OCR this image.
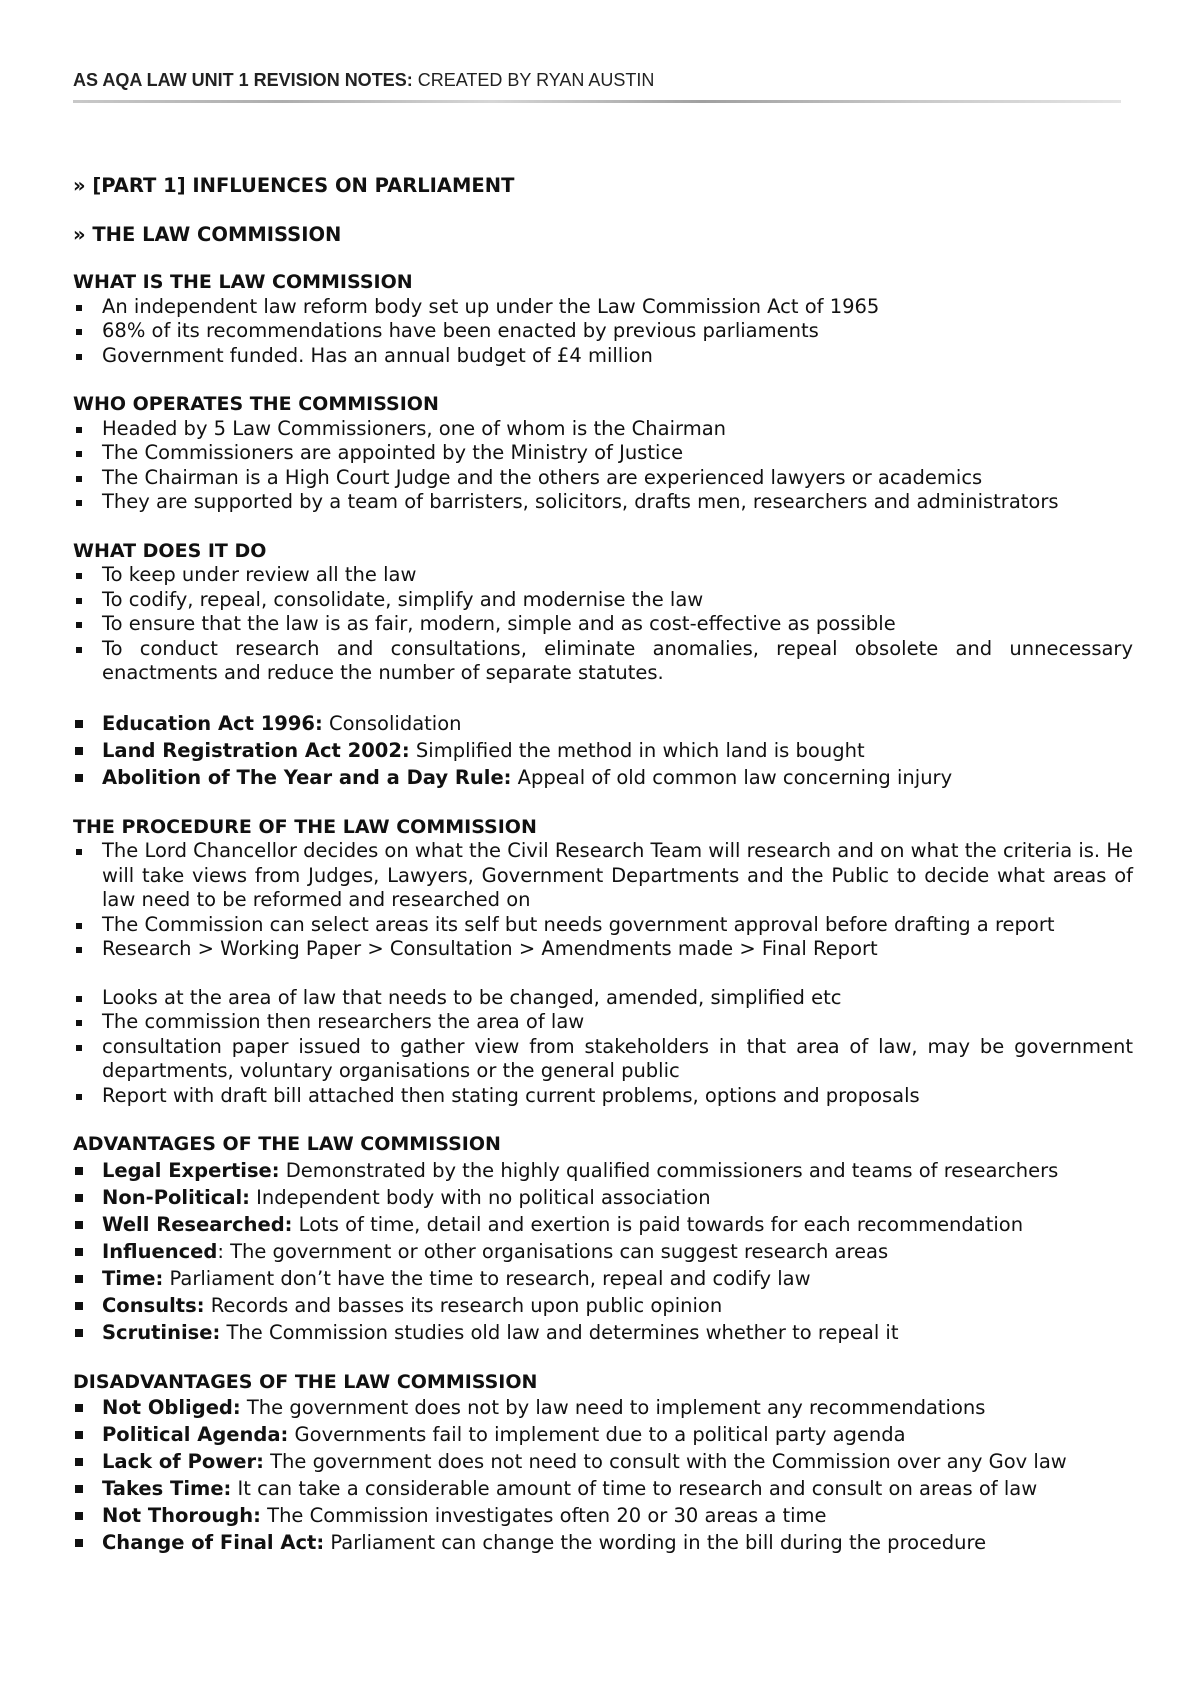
AS AQA LAW UNIT 1 REVISION NOTES: CREATED BY RYAN AUSTIN
» [PART 1] INFLUENCES ON PARLIAMENT
» THE LAW COMMISSION
WHAT IS THE LAW COMMISSION
An independent law reform body set up under the Law Commission Act of 1965
68% of its recommendations have been enacted by previous parliaments
Government funded. Has an annual budget of £4 million
WHO OPERATES THE COMMISSION
Headed by 5 Law Commissioners, one of whom is the Chairman
The Commissioners are appointed by the Ministry of Justice
The Chairman is a High Court Judge and the others are experienced lawyers or academics
They are supported by a team of barristers, solicitors, drafts men, researchers and administrators
WHAT DOES IT DO
To keep under review all the law
To codify, repeal, consolidate, simplify and modernise the law
To ensure that the law is as fair, modern, simple and as cost-effective as possible
To conduct research and consultations, eliminate anomalies, repeal obsolete and unnecessary enactments and reduce the number of separate statutes.
Education Act 1996: Consolidation
Land Registration Act 2002: Simplified the method in which land is bought
Abolition of The Year and a Day Rule: Appeal of old common law concerning injury
THE PROCEDURE OF THE LAW COMMISSION
The Lord Chancellor decides on what the Civil Research Team will research and on what the criteria is. He will take views from Judges, Lawyers, Government Departments and the Public to decide what areas of law need to be reformed and researched on
The Commission can select areas its self but needs government approval before drafting a report
Research > Working Paper > Consultation > Amendments made > Final Report
Looks at the area of law that needs to be changed, amended, simplified etc
The commission then researchers the area of law
consultation paper issued to gather view from stakeholders in that area of law, may be government departments, voluntary organisations or the general public
Report with draft bill attached then stating current problems, options and proposals
ADVANTAGES OF THE LAW COMMISSION
Legal Expertise: Demonstrated by the highly qualified commissioners and teams of researchers
Non-Political: Independent body with no political association
Well Researched: Lots of time, detail and exertion is paid towards for each recommendation
Influenced: The government or other organisations can suggest research areas
Time: Parliament don’t have the time to research, repeal and codify law
Consults: Records and basses its research upon public opinion
Scrutinise: The Commission studies old law and determines whether to repeal it
DISADVANTAGES OF THE LAW COMMISSION
Not Obliged: The government does not by law need to implement any recommendations
Political Agenda: Governments fail to implement due to a political party agenda
Lack of Power: The government does not need to consult with the Commission over any Gov law
Takes Time: It can take a considerable amount of time to research and consult on areas of law
Not Thorough: The Commission investigates often 20 or 30 areas a time
Change of Final Act: Parliament can change the wording in the bill during the procedure
